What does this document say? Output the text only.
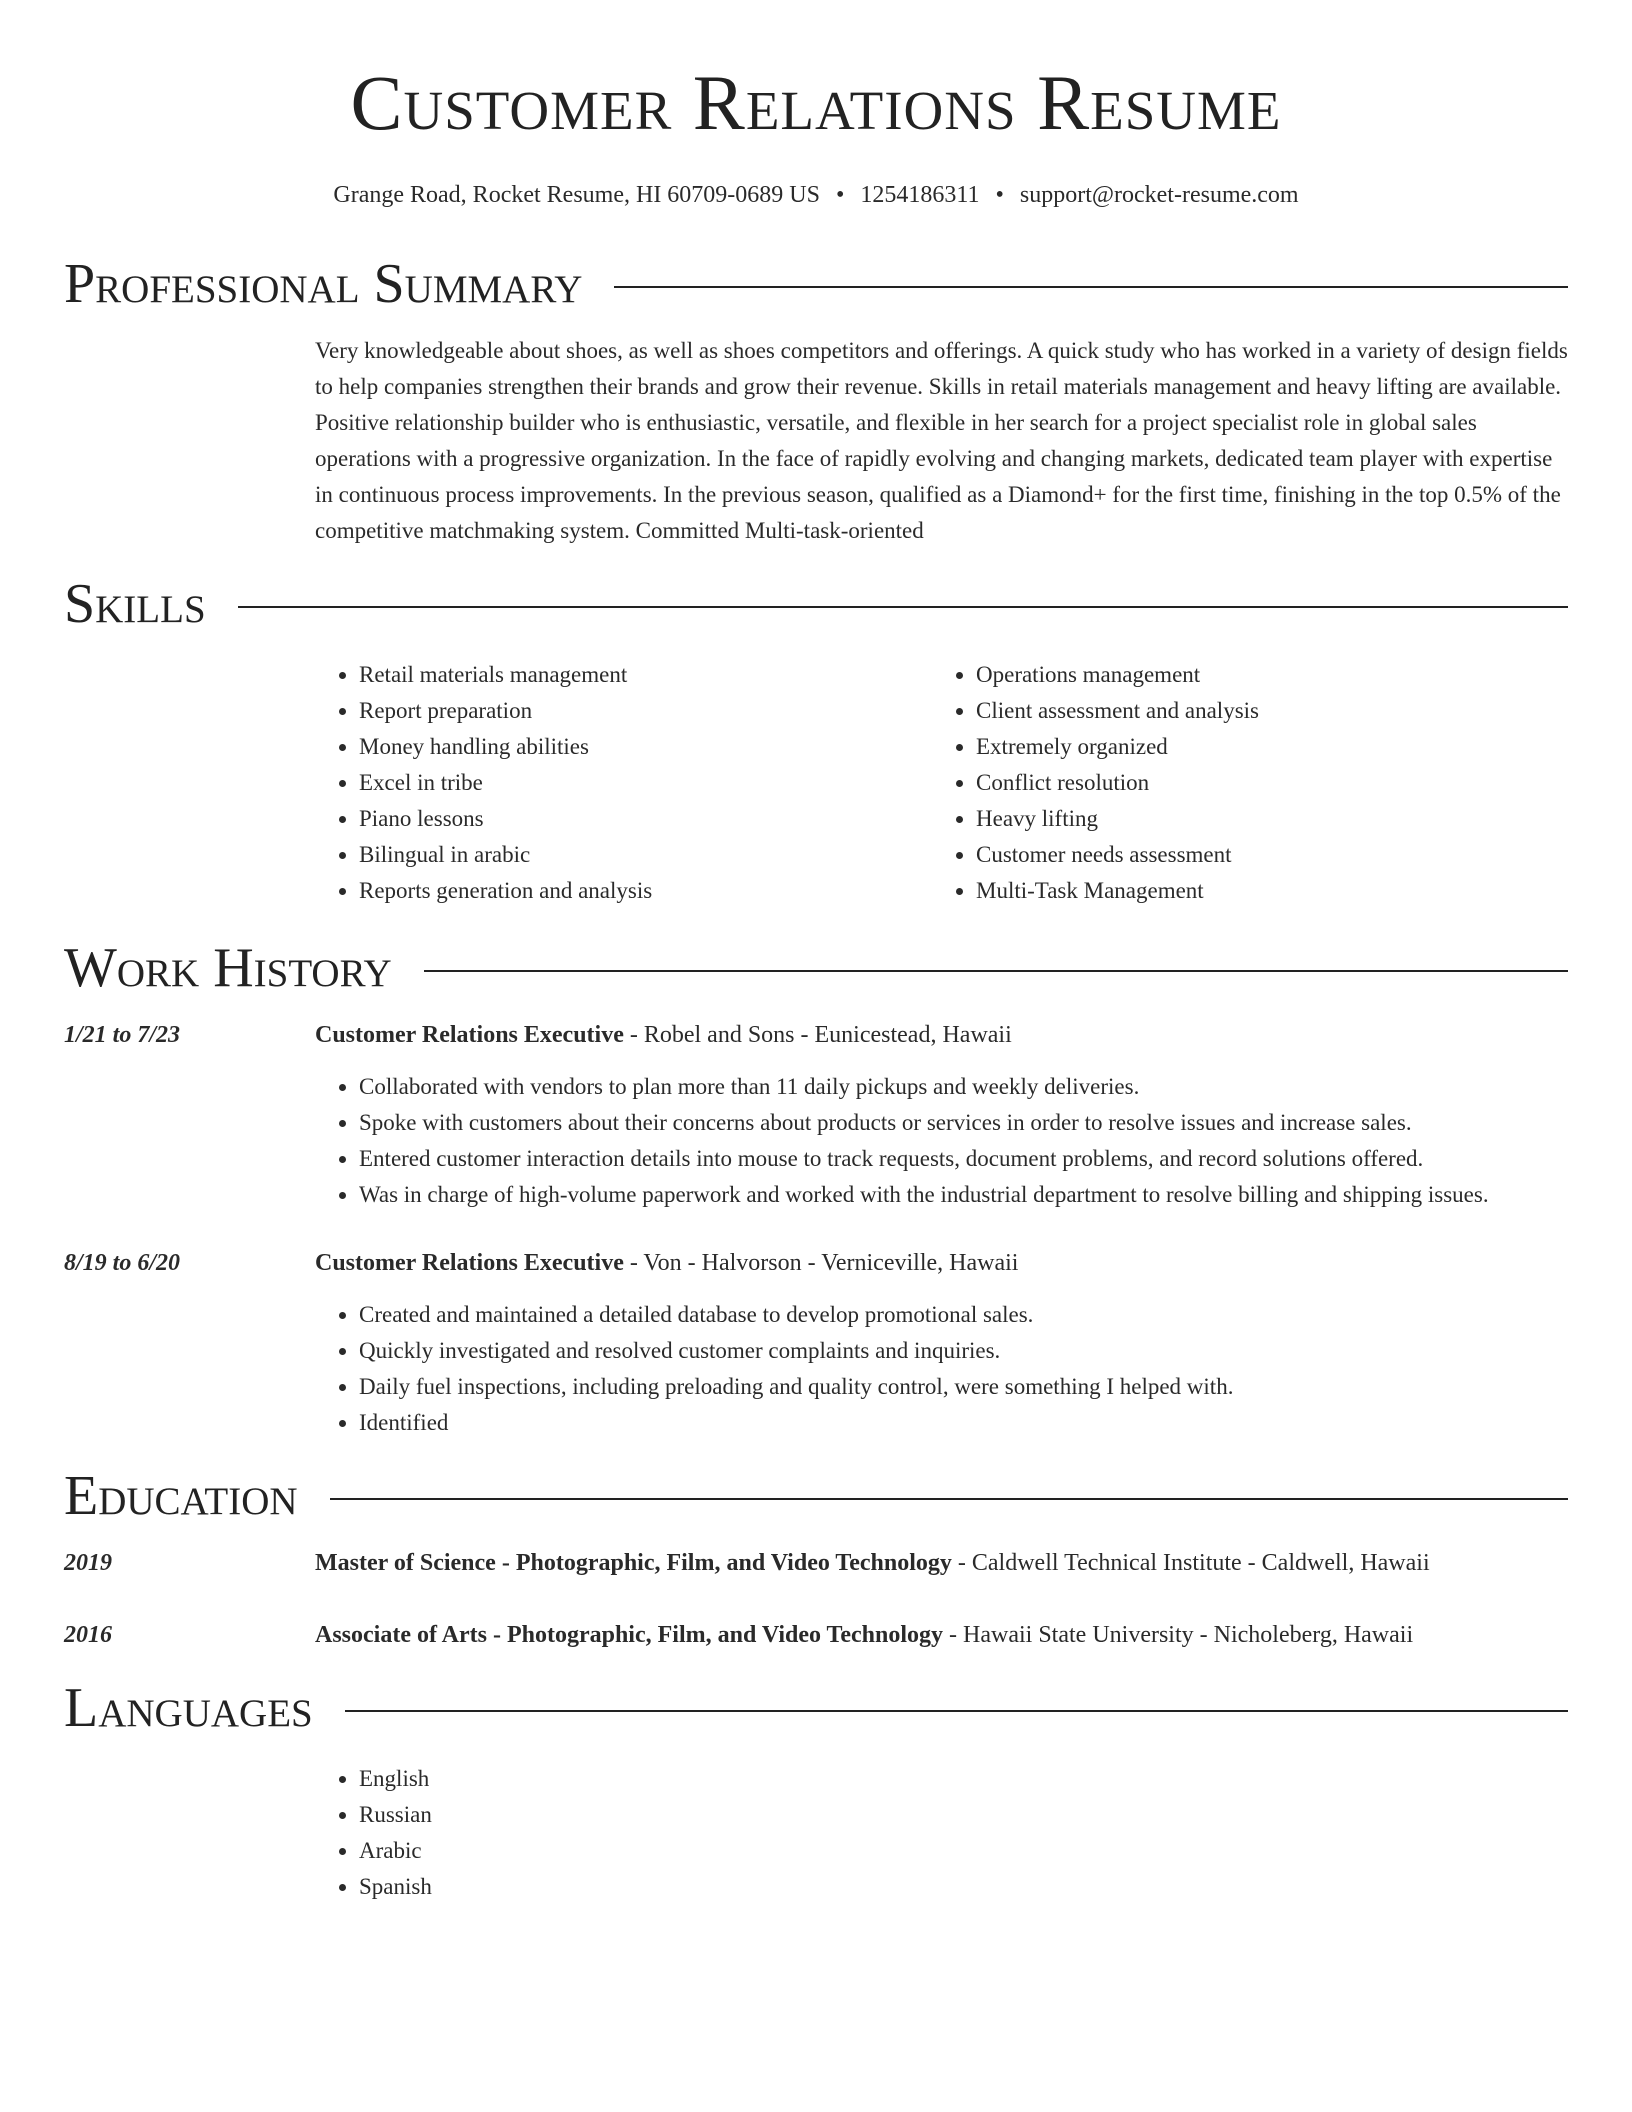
Customer Relations Resume
Grange Road, Rocket Resume, HI 60709-0689 US • 1254186311 • support@rocket-resume.com
Professional Summary

Very knowledgeable about shoes, as well as shoes competitors and offerings. A quick study who has worked in a variety of design fields to help companies strengthen their brands and grow their revenue. Skills in retail materials management and heavy lifting are available. Positive relationship builder who is enthusiastic, versatile, and flexible in her search for a project specialist role in global sales operations with a progressive organization. In the face of rapidly evolving and changing markets, dedicated team player with expertise in continuous process improvements. In the previous season, qualified as a Diamond+ for the first time, finishing in the top 0.5% of the competitive matchmaking system. Committed Multi-task-oriented

Skills
• Retail materials management
• Report preparation
• Money handling abilities
• Excel in tribe
• Piano lessons
• Bilingual in arabic
• Reports generation and analysis
• Operations management
• Client assessment and analysis
• Extremely organized
• Conflict resolution
• Heavy lifting
• Customer needs assessment
• Multi-Task Management
Work History
1/21 to 7/23	Customer Relations Executive - Robel and Sons - Eunicestead, Hawaii
• Collaborated with vendors to plan more than 11 daily pickups and weekly deliveries.
• Spoke with customers about their concerns about products or services in order to resolve issues and increase sales.
• Entered customer interaction details into mouse to track requests, document problems, and record solutions offered.
• Was in charge of high-volume paperwork and worked with the industrial department to resolve billing and shipping issues.
8/19 to 6/20	Customer Relations Executive - Von - Halvorson - Verniceville, Hawaii
• Created and maintained a detailed database to develop promotional sales.
• Quickly investigated and resolved customer complaints and inquiries.
• Daily fuel inspections, including preloading and quality control, were something I helped with.
• Identified
Education
2019	Master of Science - Photographic, Film, and Video Technology - Caldwell Technical Institute - Caldwell, Hawaii
2016	Associate of Arts - Photographic, Film, and Video Technology - Hawaii State University - Nicholeberg, Hawaii
Languages
• English
• Russian
• Arabic
• Spanish
